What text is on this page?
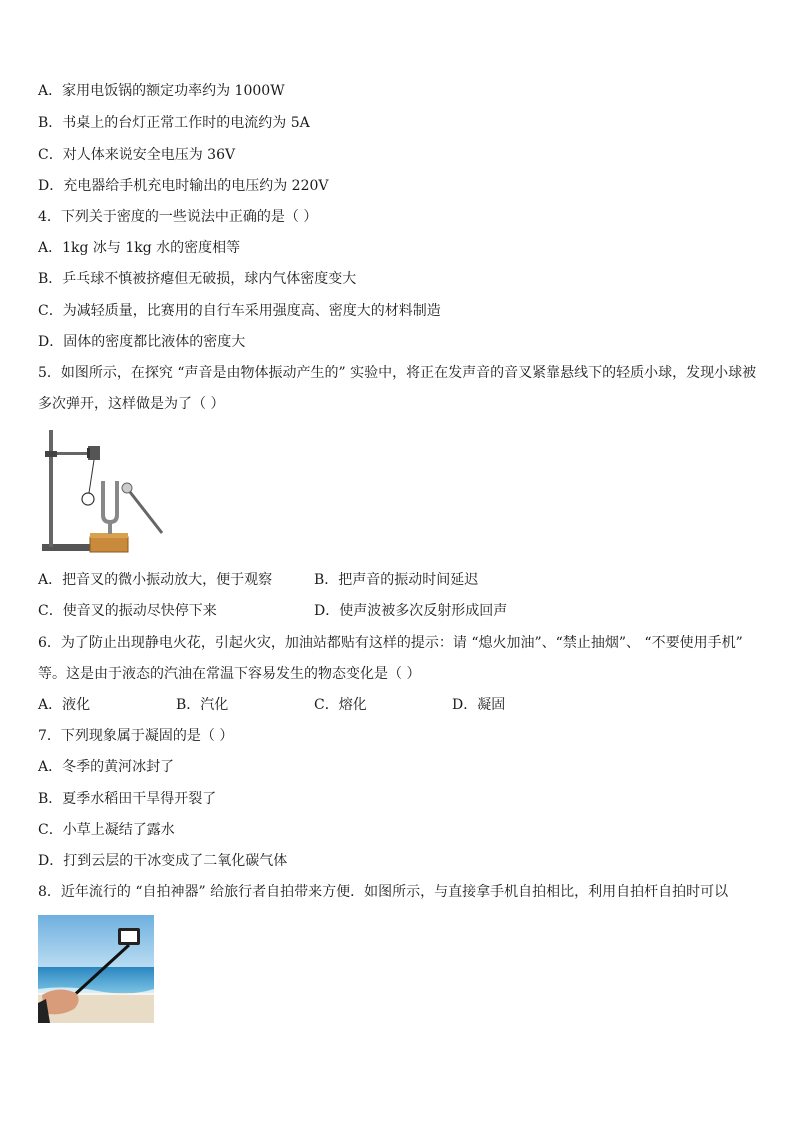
A．家用电饭锅的额定功率约为 1000W
B．书桌上的台灯正常工作时的电流约为 5A
C．对人体来说安全电压为 36V
D．充电器给手机充电时输出的电压约为 220V
4．下列关于密度的一些说法中正确的是（ ）
A．1kg 冰与 1kg 水的密度相等
B．乒乓球不慎被挤瘪但无破损，球内气体密度变大
C．为减轻质量，比赛用的自行车采用强度高、密度大的材料制造
D．固体的密度都比液体的密度大
5．如图所示，在探究 “声音是由物体振动产生的” 实验中，将正在发声音的音叉紧靠悬线下的轻质小球，发现小球被
多次弹开，这样做是为了（ ）
A．把音叉的微小振动放大，便于观察	B．把声音的振动时间延迟
C．使音叉的振动尽快停下来	D．使声波被多次反射形成回声
6．为了防止出现静电火花，引起火灾，加油站都贴有这样的提示：请 “熄火加油”、“禁止抽烟”、 “不要使用手机”
等。这是由于液态的汽油在常温下容易发生的物态变化是（ ）
A．液化	B．汽化	C．熔化	D．凝固
7．下列现象属于凝固的是（ ）
A．冬季的黄河冰封了
B．夏季水稻田干旱得开裂了
C．小草上凝结了露水
D．打到云层的干冰变成了二氧化碳气体
8．近年流行的 “自拍神器” 给旅行者自拍带来方便．如图所示，与直接拿手机自拍相比，利用自拍杆自拍时可以
